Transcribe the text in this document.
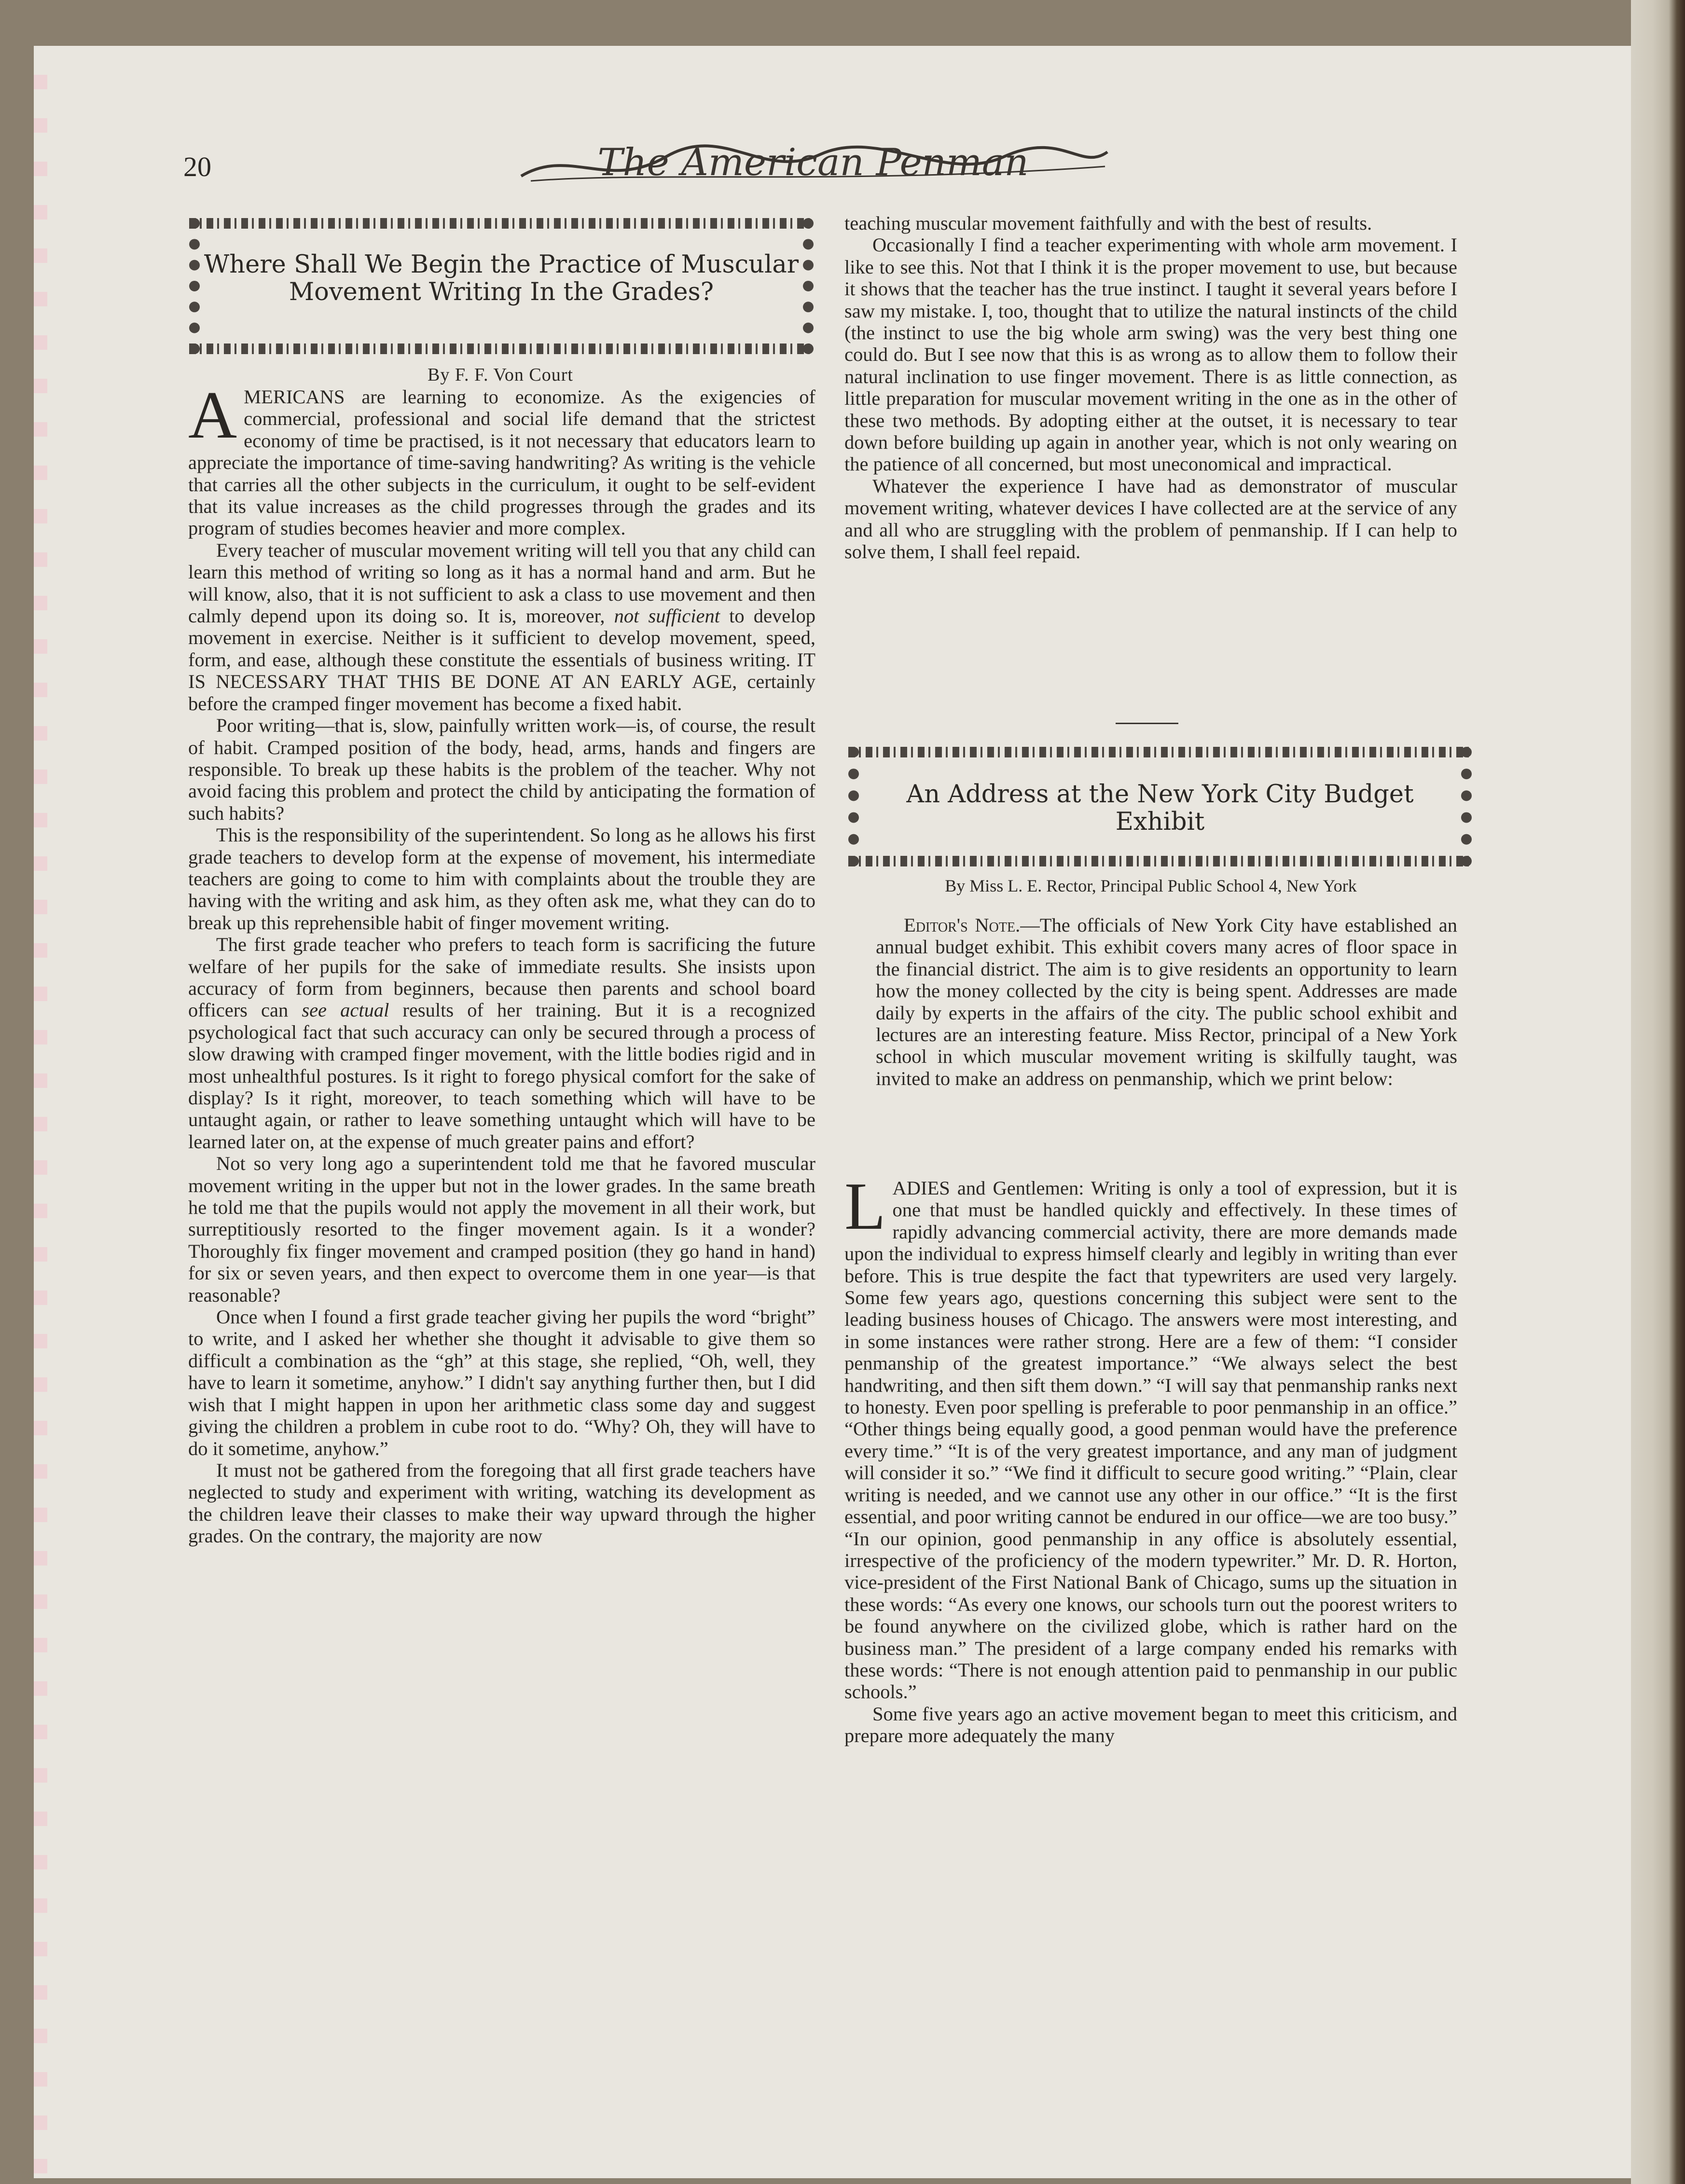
20	The American Penman
Where Shall We Begin the Practice of Muscular Movement Writing In the Grades?
By F. F. Von Court

AMERICANS are learning to economize. As the exigencies of commercial, professional and social life demand that the strictest economy of time be practised, is it not necessary that educators learn to appreciate the importance of time-saving handwriting? As writing is the vehicle that carries all the other subjects in the curriculum, it ought to be self-evident that its value increases as the child progresses through the grades and its program of studies becomes heavier and more complex.

Every teacher of muscular movement writing will tell you that any child can learn this method of writing so long as it has a normal hand and arm. But he will know, also, that it is not sufficient to ask a class to use movement and then calmly depend upon its doing so. It is, moreover, not sufficient to develop movement in exercise. Neither is it sufficient to develop movement, speed, form, and ease, although these constitute the essentials of business writing. IT IS NECESSARY THAT THIS BE DONE AT AN EARLY AGE, certainly before the cramped finger movement has become a fixed habit.

Poor writing—that is, slow, painfully written work—is, of course, the result of habit. Cramped position of the body, head, arms, hands and fingers are responsible. To break up these habits is the problem of the teacher. Why not avoid facing this problem and protect the child by anticipating the formation of such habits?

This is the responsibility of the superintendent. So long as he allows his first grade teachers to develop form at the expense of movement, his intermediate teachers are going to come to him with complaints about the trouble they are having with the writing and ask him, as they often ask me, what they can do to break up this reprehensible habit of finger movement writing.

The first grade teacher who prefers to teach form is sacrificing the future welfare of her pupils for the sake of immediate results. She insists upon accuracy of form from beginners, because then parents and school board officers can see actual results of her training. But it is a recognized psychological fact that such accuracy can only be secured through a process of slow drawing with cramped finger movement, with the little bodies rigid and in most unhealthful postures. Is it right to forego physical comfort for the sake of display? Is it right, moreover, to teach something which will have to be untaught again, or rather to leave something untaught which will have to be learned later on, at the expense of much greater pains and effort?

Not so very long ago a superintendent told me that he favored muscular movement writing in the upper but not in the lower grades. In the same breath he told me that the pupils would not apply the movement in all their work, but surreptitiously resorted to the finger movement again. Is it a wonder? Thoroughly fix finger movement and cramped position (they go hand in hand) for six or seven years, and then expect to overcome them in one year—is that reasonable?

Once when I found a first grade teacher giving her pupils the word “bright” to write, and I asked her whether she thought it advisable to give them so difficult a combination as the “gh” at this stage, she replied, “Oh, well, they have to learn it sometime, anyhow.” I didn't say anything further then, but I did wish that I might happen in upon her arithmetic class some day and suggest giving the children a problem in cube root to do. “Why? Oh, they will have to do it sometime, anyhow.”

It must not be gathered from the foregoing that all first grade teachers have neglected to study and experiment with writing, watching its development as the children leave their classes to make their way upward through the higher grades. On the contrary, the majority are now

teaching muscular movement faithfully and with the best of results.

Occasionally I find a teacher experimenting with whole arm movement. I like to see this. Not that I think it is the proper movement to use, but because it shows that the teacher has the true instinct. I taught it several years before I saw my mistake. I, too, thought that to utilize the natural instincts of the child (the instinct to use the big whole arm swing) was the very best thing one could do. But I see now that this is as wrong as to allow them to follow their natural inclination to use finger movement. There is as little connection, as little preparation for muscular movement writing in the one as in the other of these two methods. By adopting either at the outset, it is necessary to tear down before building up again in another year, which is not only wearing on the patience of all concerned, but most uneconomical and impractical.

Whatever the experience I have had as demonstrator of muscular movement writing, whatever devices I have collected are at the service of any and all who are struggling with the problem of penmanship. If I can help to solve them, I shall feel repaid.

An Address at the New York City Budget Exhibit
By Miss L. E. Rector, Principal Public School 4, New York

Editor's Note.—The officials of New York City have established an annual budget exhibit. This exhibit covers many acres of floor space in the financial district. The aim is to give residents an opportunity to learn how the money collected by the city is being spent. Addresses are made daily by experts in the affairs of the city. The public school exhibit and lectures are an interesting feature. Miss Rector, principal of a New York school in which muscular movement writing is skilfully taught, was invited to make an address on penmanship, which we print below:

LADIES and Gentlemen: Writing is only a tool of expression, but it is one that must be handled quickly and effectively. In these times of rapidly advancing commercial activity, there are more demands made upon the individual to express himself clearly and legibly in writing than ever before. This is true despite the fact that typewriters are used very largely. Some few years ago, questions concerning this subject were sent to the leading business houses of Chicago. The answers were most interesting, and in some instances were rather strong. Here are a few of them: “I consider penmanship of the greatest importance.” “We always select the best handwriting, and then sift them down.” “I will say that penmanship ranks next to honesty. Even poor spelling is preferable to poor penmanship in an office.” “Other things being equally good, a good penman would have the preference every time.” “It is of the very greatest importance, and any man of judgment will consider it so.” “We find it difficult to secure good writing.” “Plain, clear writing is needed, and we cannot use any other in our office.” “It is the first essential, and poor writing cannot be endured in our office—we are too busy.” “In our opinion, good penmanship in any office is absolutely essential, irrespective of the proficiency of the modern typewriter.” Mr. D. R. Horton, vice-president of the First National Bank of Chicago, sums up the situation in these words: “As every one knows, our schools turn out the poorest writers to be found anywhere on the civilized globe, which is rather hard on the business man.” The president of a large company ended his remarks with these words: “There is not enough attention paid to penmanship in our public schools.”

Some five years ago an active movement began to meet this criticism, and prepare more adequately the many
